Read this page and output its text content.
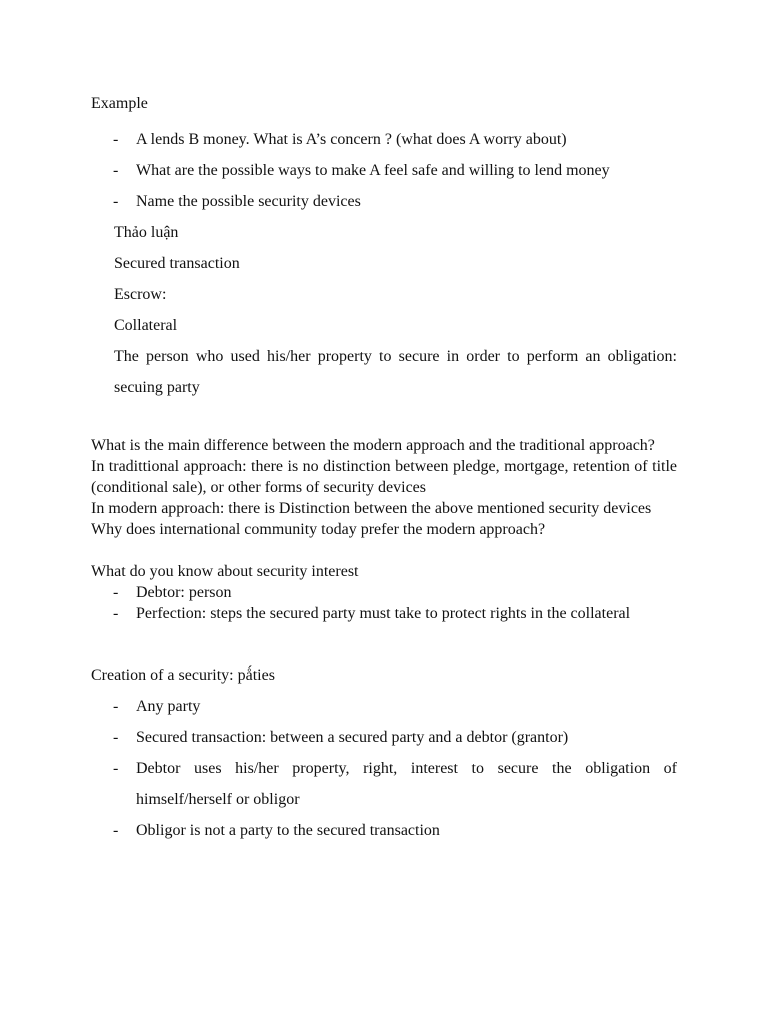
Example

-	A lends B money. What is A’s concern ? (what does A worry about)
-	What are the possible ways to make A feel safe and willing to lend money
-	Name the possible security devices

Thảo luận

Secured transaction

Escrow:

Collateral

The person who used his/her property to secure in order to perform an obligation: secuing party

What is the main difference between the modern approach and the traditional approach?

In tradittional approach: there is no distinction between pledge, mortgage, retention of title (conditional sale), or other forms of security devices

In modern approach: there is Distinction between the above mentioned security devices

Why does international community today prefer the modern approach?

What do you know about security interest

-	Debtor: person
-	Perfection: steps the secured party must take to protect rights in the collateral

Creation of a security: pǻties

-	Any party
-	Secured transaction: between a secured party and a debtor (grantor)
-	Debtor uses his/her property, right, interest to secure the obligation of himself/herself or obligor
-	Obligor is not a party to the secured transaction
